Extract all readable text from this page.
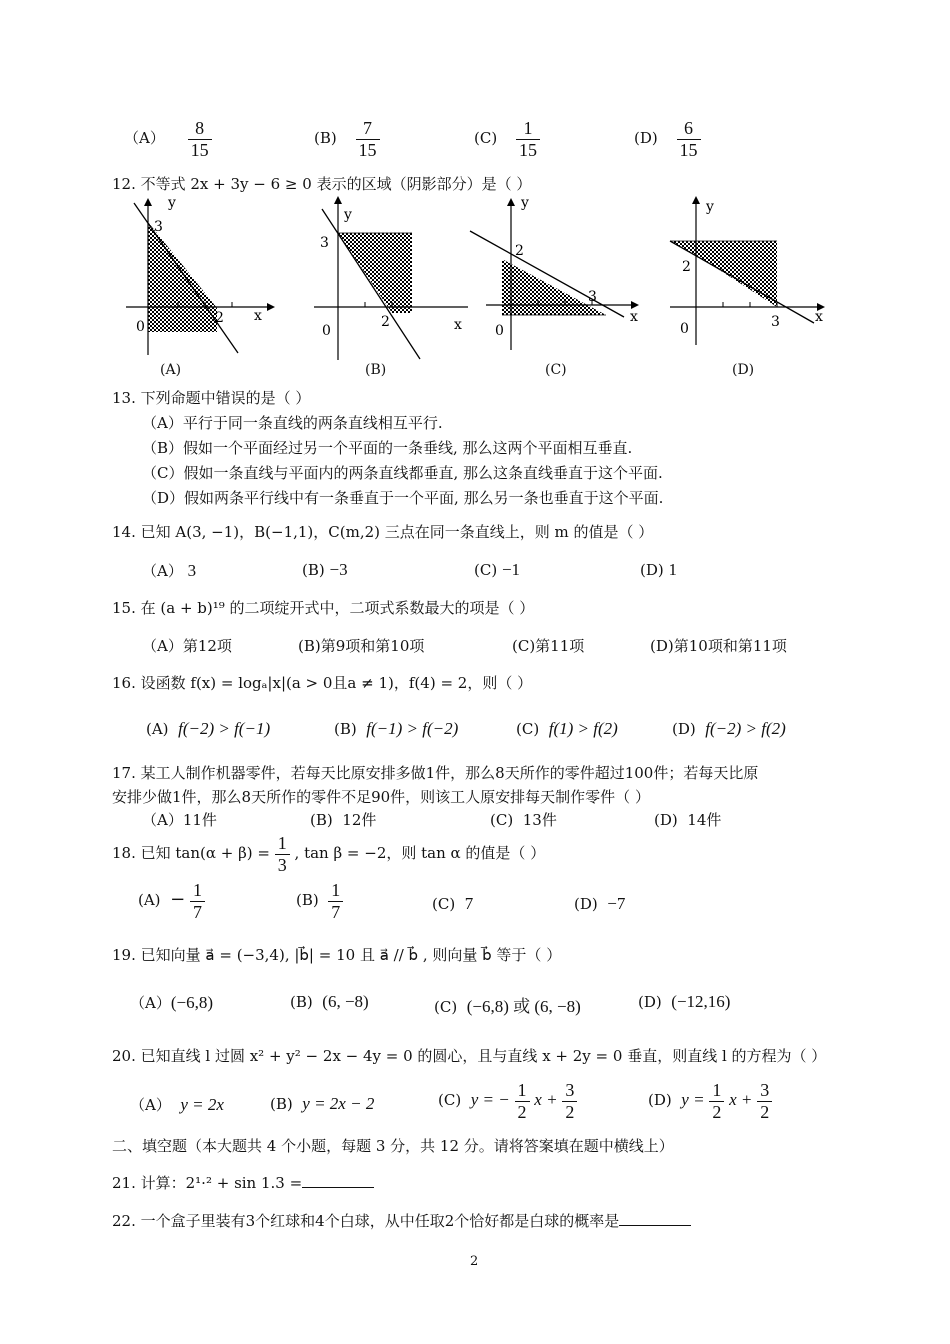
$(A) \frac{8}{15}$	$(B) \frac{7}{15}$	$(C) \frac{1}{15}$	$(D) \frac{6}{15}$
12. 不等式 2x + 3y − 6 ≥ 0 表示的区域（阴影部分）是（ ）
y
3
x
0
2
y
3
x
0
2
y
2
3
x
0
y
2
x
0	3
(A)	(B)	(C)	(D)
13. 下列命题中错误的是（ ）
（A）平行于同一条直线的两条直线相互平行.
（B）假如一个平面经过另一个平面的一条垂线, 那么这两个平面相互垂直.
（C）假如一条直线与平面内的两条直线都垂直, 那么这条直线垂直于这个平面.
（D）假如两条平行线中有一条垂直于一个平面, 那么另一条也垂直于这个平面.
14. 已知 A(3, −1)，B(−1,1)，C(m,2) 三点在同一条直线上，则 m 的值是（ ）
（A） 3	(B) −3	(C) −1	(D) 1
15. 在 (a + b)¹⁹ 的二项绽开式中，二项式系数最大的项是（ ）
（A）第12项	(B)第9项和第10项	(C)第11项	(D)第10项和第11项
16. 设函数 f(x) = logₐ|x|(a > 0且a ≠ 1)，f(4) = 2，则（ ）
(A) f(−2) > f(−1)	(B) f(−1) > f(−2)	(C) f(1) > f(2)	(D) f(−2) > f(2)
17. 某工人制作机器零件，若每天比原安排多做1件，那么8天所作的零件超过100件；若每天比原
安排少做1件，那么8天所作的零件不足90件，则该工人原安排每天制作零件（ ）
（A）11件	(B) 12件	(C) 13件	(D) 14件
18. 已知 $\tan(\alpha + \beta) = \frac{1}{3}$ , tan β = −2，则 tan α 的值是（ ）
$(A) - \frac{1}{7}$	$(B) \frac{1}{7}$	(C) 7	(D) −7
19. 已知向量 a⃗ = (−3,4), |b⃗| = 10 且 a⃗ // b⃗ , 则向量 b⃗ 等于（ ）
（A）(−6,8)	(B) (6, −8)	(C) (−6,8) 或 (6, −8)	(D) (−12,16)
20. 已知直线 l 过圆 x² + y² − 2x − 4y = 0 的圆心，且与直线 x + 2y = 0 垂直，则直线 l 的方程为（ ）
（A） y = 2x	(B) y = 2x − 2	(C) y = − $\frac{1}{2}$ $x + \frac{3}{2}$	(D) $y = \frac{1}{2}$ $x + \frac{3}{2}$
二、填空题（本大题共 4 个小题，每题 3 分，共 12 分。请将答案填在题中横线上）
21. 计算：2¹·² + sin 1.3 =
22. 一个盒子里装有3个红球和4个白球，从中任取2个恰好都是白球的概率是
2
